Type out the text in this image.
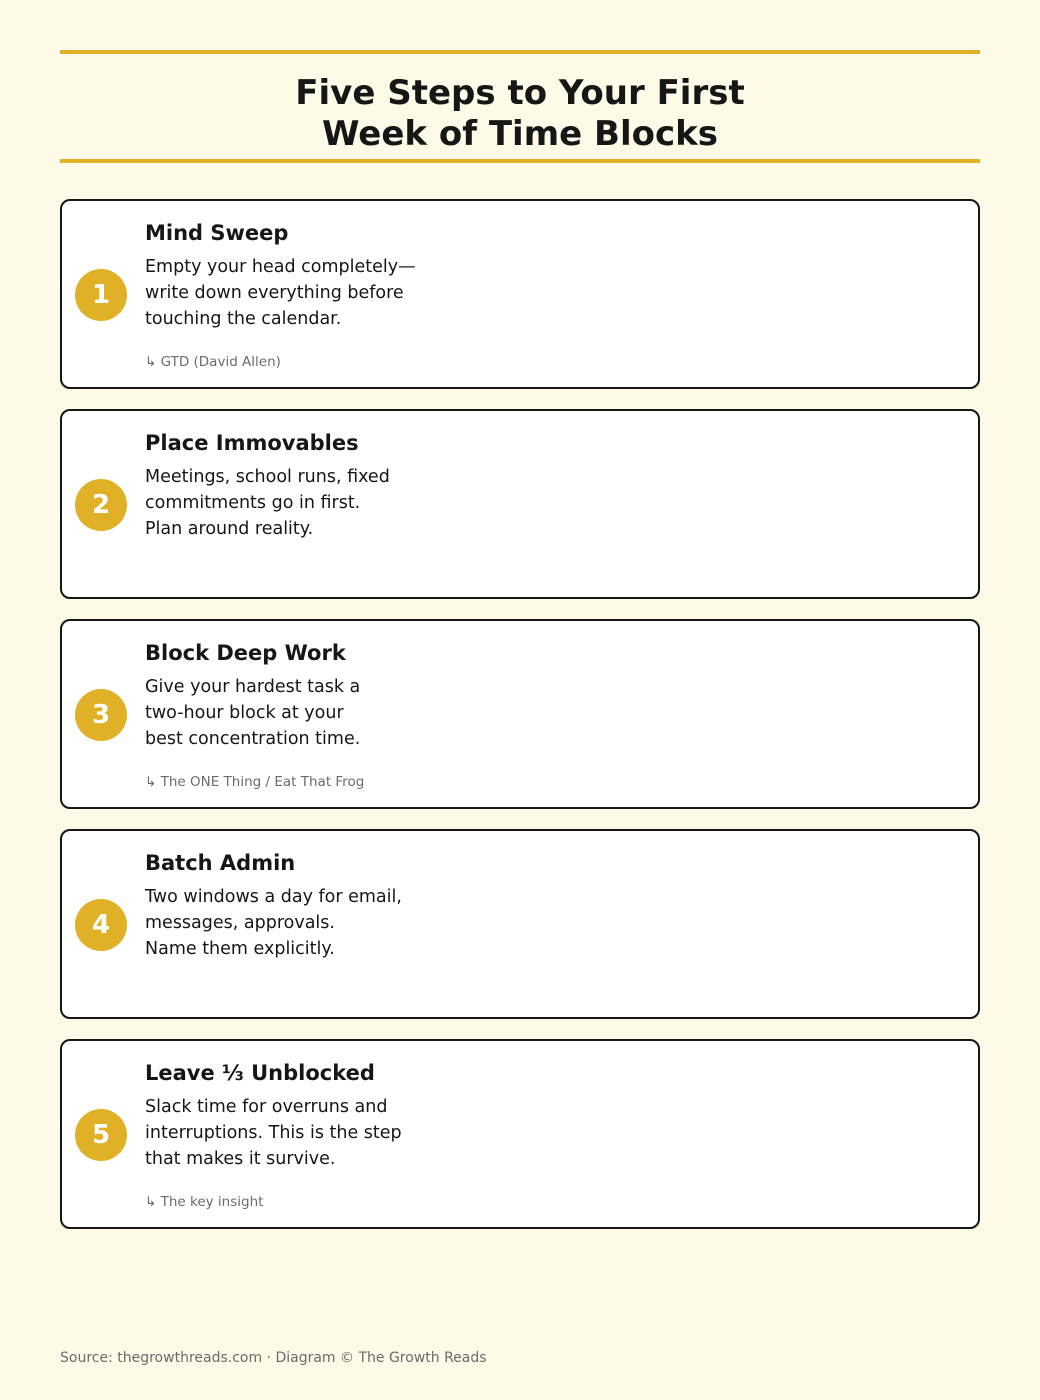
Five Steps to Your First
Week of Time Blocks
1
Mind Sweep

Empty your head completely—
write down everything before
touching the calendar.

↳ GTD (David Allen)

2
Place Immovables

Meetings, school runs, fixed
commitments go in first.
Plan around reality.

3
Block Deep Work

Give your hardest task a
two-hour block at your
best concentration time.

↳ The ONE Thing / Eat That Frog

4
Batch Admin

Two windows a day for email,
messages, approvals.
Name them explicitly.

5
Leave ⅓ Unblocked

Slack time for overruns and
interruptions. This is the step
that makes it survive.

↳ The key insight

Source: thegrowthreads.com · Diagram © The Growth Reads
